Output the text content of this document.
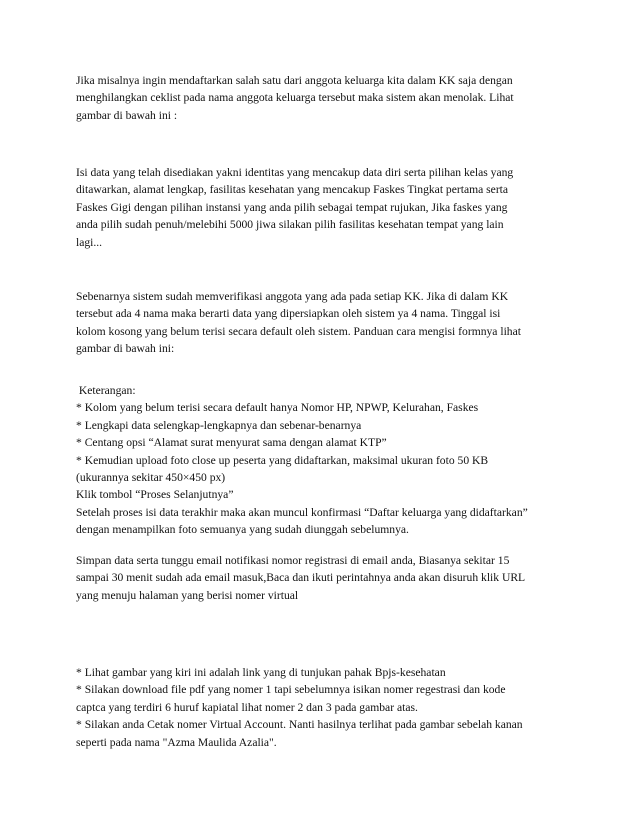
Jika misalnya ingin mendaftarkan salah satu dari anggota keluarga kita dalam KK saja dengan
menghilangkan ceklist pada nama anggota keluarga tersebut maka sistem akan menolak. Lihat
gambar di bawah ini :

Isi data yang telah disediakan yakni identitas yang mencakup data diri serta pilihan kelas yang
ditawarkan, alamat lengkap, fasilitas kesehatan yang mencakup Faskes Tingkat pertama serta
Faskes Gigi dengan pilihan instansi yang anda pilih sebagai tempat rujukan, Jika faskes yang
anda pilih sudah penuh/melebihi 5000 jiwa silakan pilih fasilitas kesehatan tempat yang lain
lagi...

Sebenarnya sistem sudah memverifikasi anggota yang ada pada setiap KK. Jika di dalam KK
tersebut ada 4 nama maka berarti data yang dipersiapkan oleh sistem ya 4 nama. Tinggal isi
kolom kosong yang belum terisi secara default oleh sistem. Panduan cara mengisi formnya lihat
gambar di bawah ini:

Keterangan:
* Kolom yang belum terisi secara default hanya Nomor HP, NPWP, Kelurahan, Faskes
* Lengkapi data selengkap-lengkapnya dan sebenar-benarnya
* Centang opsi “Alamat surat menyurat sama dengan alamat KTP”
* Kemudian upload foto close up peserta yang didaftarkan, maksimal ukuran foto 50 KB
(ukurannya sekitar 450×450 px)
Klik tombol “Proses Selanjutnya”
Setelah proses isi data terakhir maka akan muncul konfirmasi “Daftar keluarga yang didaftarkan”
dengan menampilkan foto semuanya yang sudah diunggah sebelumnya.

Simpan data serta tunggu email notifikasi nomor registrasi di email anda, Biasanya sekitar 15
sampai 30 menit sudah ada email masuk,Baca dan ikuti perintahnya anda akan disuruh klik URL
yang menuju halaman yang berisi nomer virtual

* Lihat gambar yang kiri ini adalah link yang di tunjukan pahak Bpjs-kesehatan
* Silakan download file pdf yang nomer 1 tapi sebelumnya isikan nomer regestrasi dan kode
captca yang terdiri 6 huruf kapiatal lihat nomer 2 dan 3 pada gambar atas.
* Silakan anda Cetak nomer Virtual Account. Nanti hasilnya terlihat pada gambar sebelah kanan
seperti pada nama "Azma Maulida Azalia".
